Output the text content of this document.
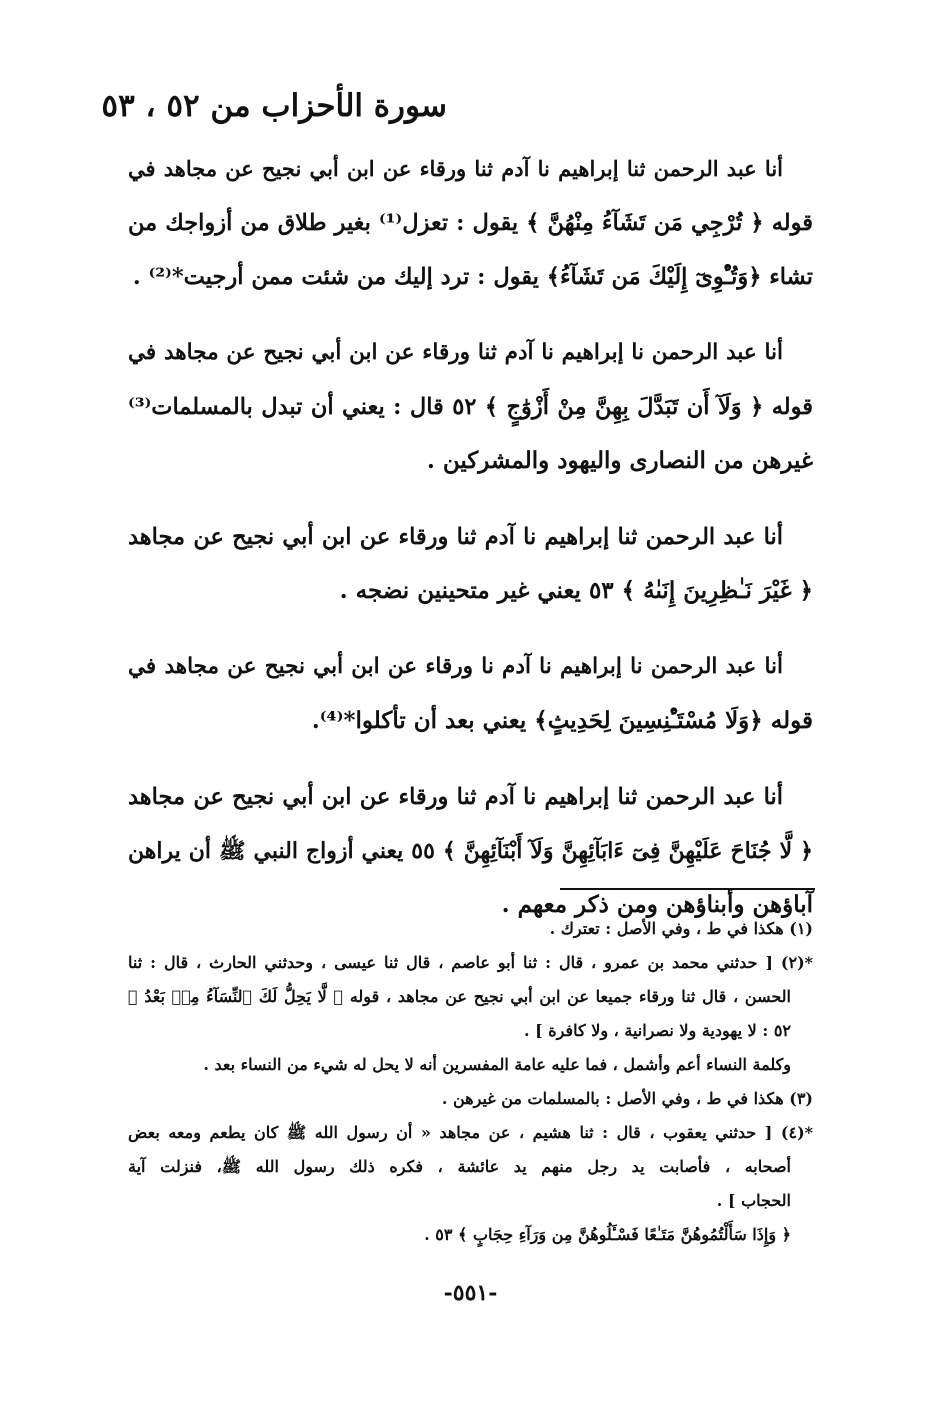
سورة الأحزاب من ٥٢ ، ٥٣
أنا عبد الرحمن ثنا إبراهيم نا آدم ثنا ورقاء عن ابن أبي نجيح عن مجاهد في
قوله ﴿ تُرْجِي مَن تَشَآءُ مِنْهُنَّ ﴾ يقول : تعزل⁽¹⁾ بغير طلاق من أزواجك من
تشاء ﴿وَتُـْٔوِىٓ إِلَيْكَ مَن تَشَآءُ﴾ يقول : ترد إليك من شئت ممن أرجيت*⁽²⁾ .
أنا عبد الرحمن نا إبراهيم نا آدم ثنا ورقاء عن ابن أبي نجيح عن مجاهد في
قوله ﴿ وَلَآ أَن تَبَدَّلَ بِهِنَّ مِنْ أَزْوَٰجٍ ﴾ ٥٢ قال : يعني أن تبدل بالمسلمات⁽³⁾
غيرهن من النصارى واليهود والمشركين .
أنا عبد الرحمن ثنا إبراهيم نا آدم ثنا ورقاء عن ابن أبي نجيح عن مجاهد
﴿ غَيْرَ نَـٰظِرِينَ إِنَىٰهُ ﴾ ٥٣ يعني غير متحينين نضجه .
أنا عبد الرحمن نا إبراهيم نا آدم نا ورقاء عن ابن أبي نجيح عن مجاهد في
قوله ﴿وَلَا مُسْتَـْٔنِسِينَ لِحَدِيثٍ﴾ يعني بعد أن تأكلوا*⁽⁴⁾.
أنا عبد الرحمن ثنا إبراهيم نا آدم ثنا ورقاء عن ابن أبي نجيح عن مجاهد
﴿ لَّا جُنَاحَ عَلَيْهِنَّ فِىٓ ءَابَآئِهِنَّ وَلَآ أَبْنَآئِهِنَّ ﴾ ٥٥ يعني أزواج النبي ﷺ أن يراهن
آباؤهن وأبناؤهن ومن ذكر معهم .
(١) هكذا في ط ، وفي الأصل : تعترك .
*(٢) [ حدثني محمد بن عمرو ، قال : ثنا أبو عاصم ، قال ثنا عيسى ، وحدثني الحارث ، قال : ثنا
الحسن ، قال ثنا ورقاء جميعا عن ابن أبي نجيح عن مجاهد ، قوله ﴿ لَّا يَحِلُّ لَكَ ٱلنِّسَآءُ مِنۢ بَعْدُ ﴾
٥٢ : لا يهودية ولا نصرانية ، ولا كافرة ] .
وكلمة النساء أعم وأشمل ، فما عليه عامة المفسرين أنه لا يحل له شيء من النساء بعد .
(٣) هكذا في ط ، وفي الأصل : بالمسلمات من غيرهن .
*(٤) [ حدثني يعقوب ، قال : ثنا هشيم ، عن مجاهد « أن رسول الله ﷺ كان يطعم ومعه بعض
أصحابه ، فأصابت يد رجل منهم يد عائشة ، فكره ذلك رسول الله ﷺ، فنزلت آية
الحجاب ] .
﴿ وَإِذَا سَأَلْتُمُوهُنَّ مَتَـٰعًا فَسْـَٔلُوهُنَّ مِن وَرَآءِ حِجَابٍ ﴾ ٥٣ .
-٥٥١-
